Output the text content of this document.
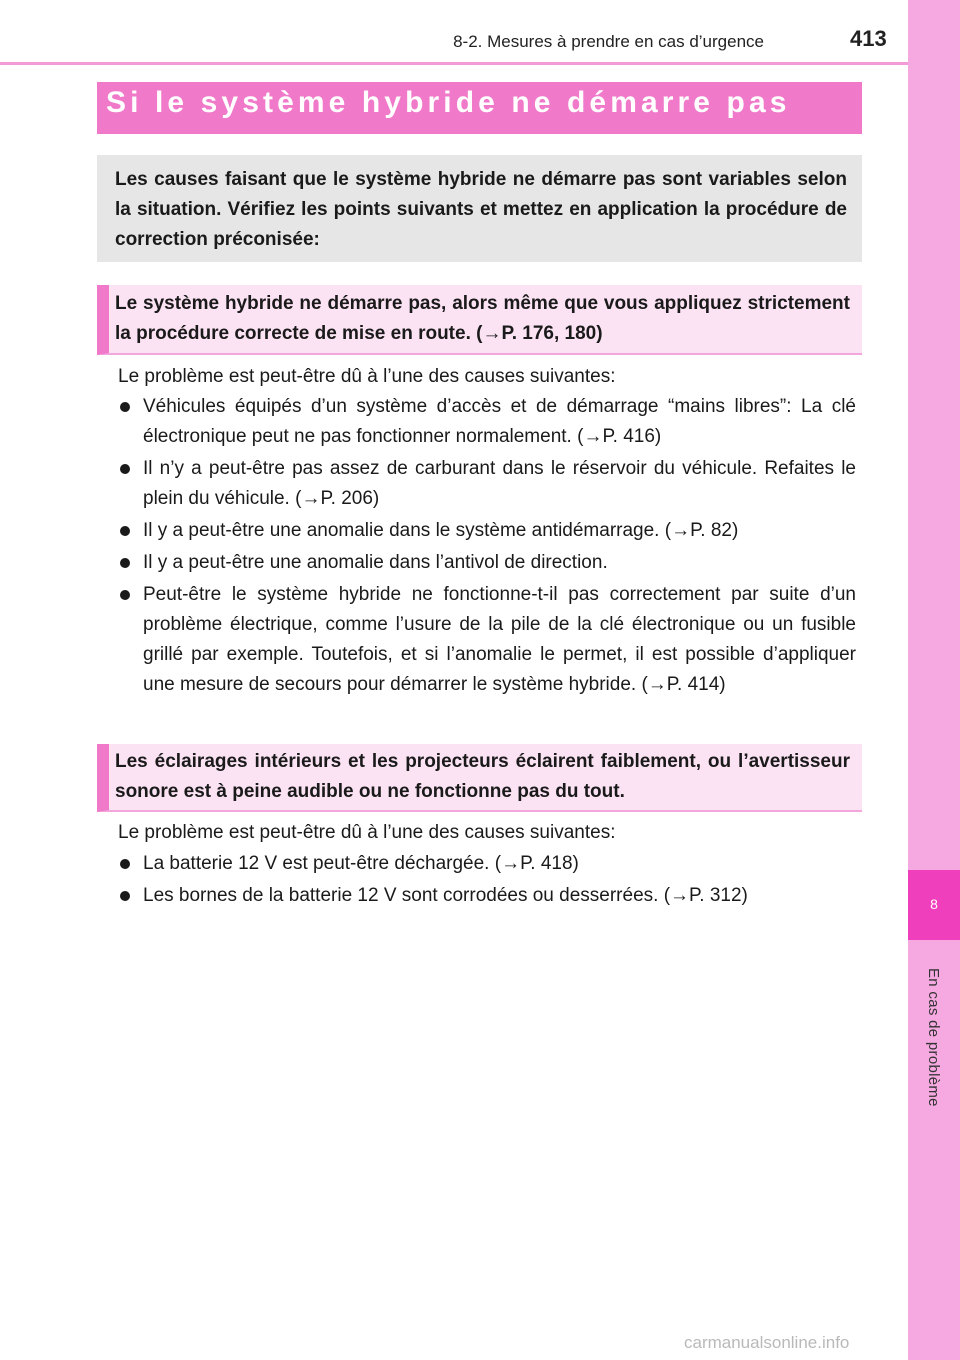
8
En cas de problème
8-2. Mesures à prendre en cas d’urgence	413
Si le système hybride ne démarre pas
Les causes faisant que le système hybride ne démarre pas sont variables selon la situation. Vérifiez les points suivants et mettez en application la procédure de correction préconisée:
Le système hybride ne démarre pas, alors même que vous appliquez strictement la procédure correcte de mise en route. (→P. 176, 180)
Le problème est peut-être dû à l’une des causes suivantes:
Véhicules équipés d’un système d’accès et de démarrage “mains libres”: La clé électronique peut ne pas fonctionner normalement. (→P. 416)
Il n’y a peut-être pas assez de carburant dans le réservoir du véhicule. Refaites le plein du véhicule. (→P. 206)
Il y a peut-être une anomalie dans le système antidémarrage. (→P. 82)
Il y a peut-être une anomalie dans l’antivol de direction.
Peut-être le système hybride ne fonctionne-t-il pas correctement par suite d’un problème électrique, comme l’usure de la pile de la clé électronique ou un fusible grillé par exemple. Toutefois, et si l’anomalie le permet, il est possible d’appliquer une mesure de secours pour démarrer le système hybride. (→P. 414)
Les éclairages intérieurs et les projecteurs éclairent faiblement, ou l’avertisseur sonore est à peine audible ou ne fonctionne pas du tout.
Le problème est peut-être dû à l’une des causes suivantes:
La batterie 12 V est peut-être déchargée. (→P. 418)
Les bornes de la batterie 12 V sont corrodées ou desserrées. (→P. 312)
carmanualsonline.info
